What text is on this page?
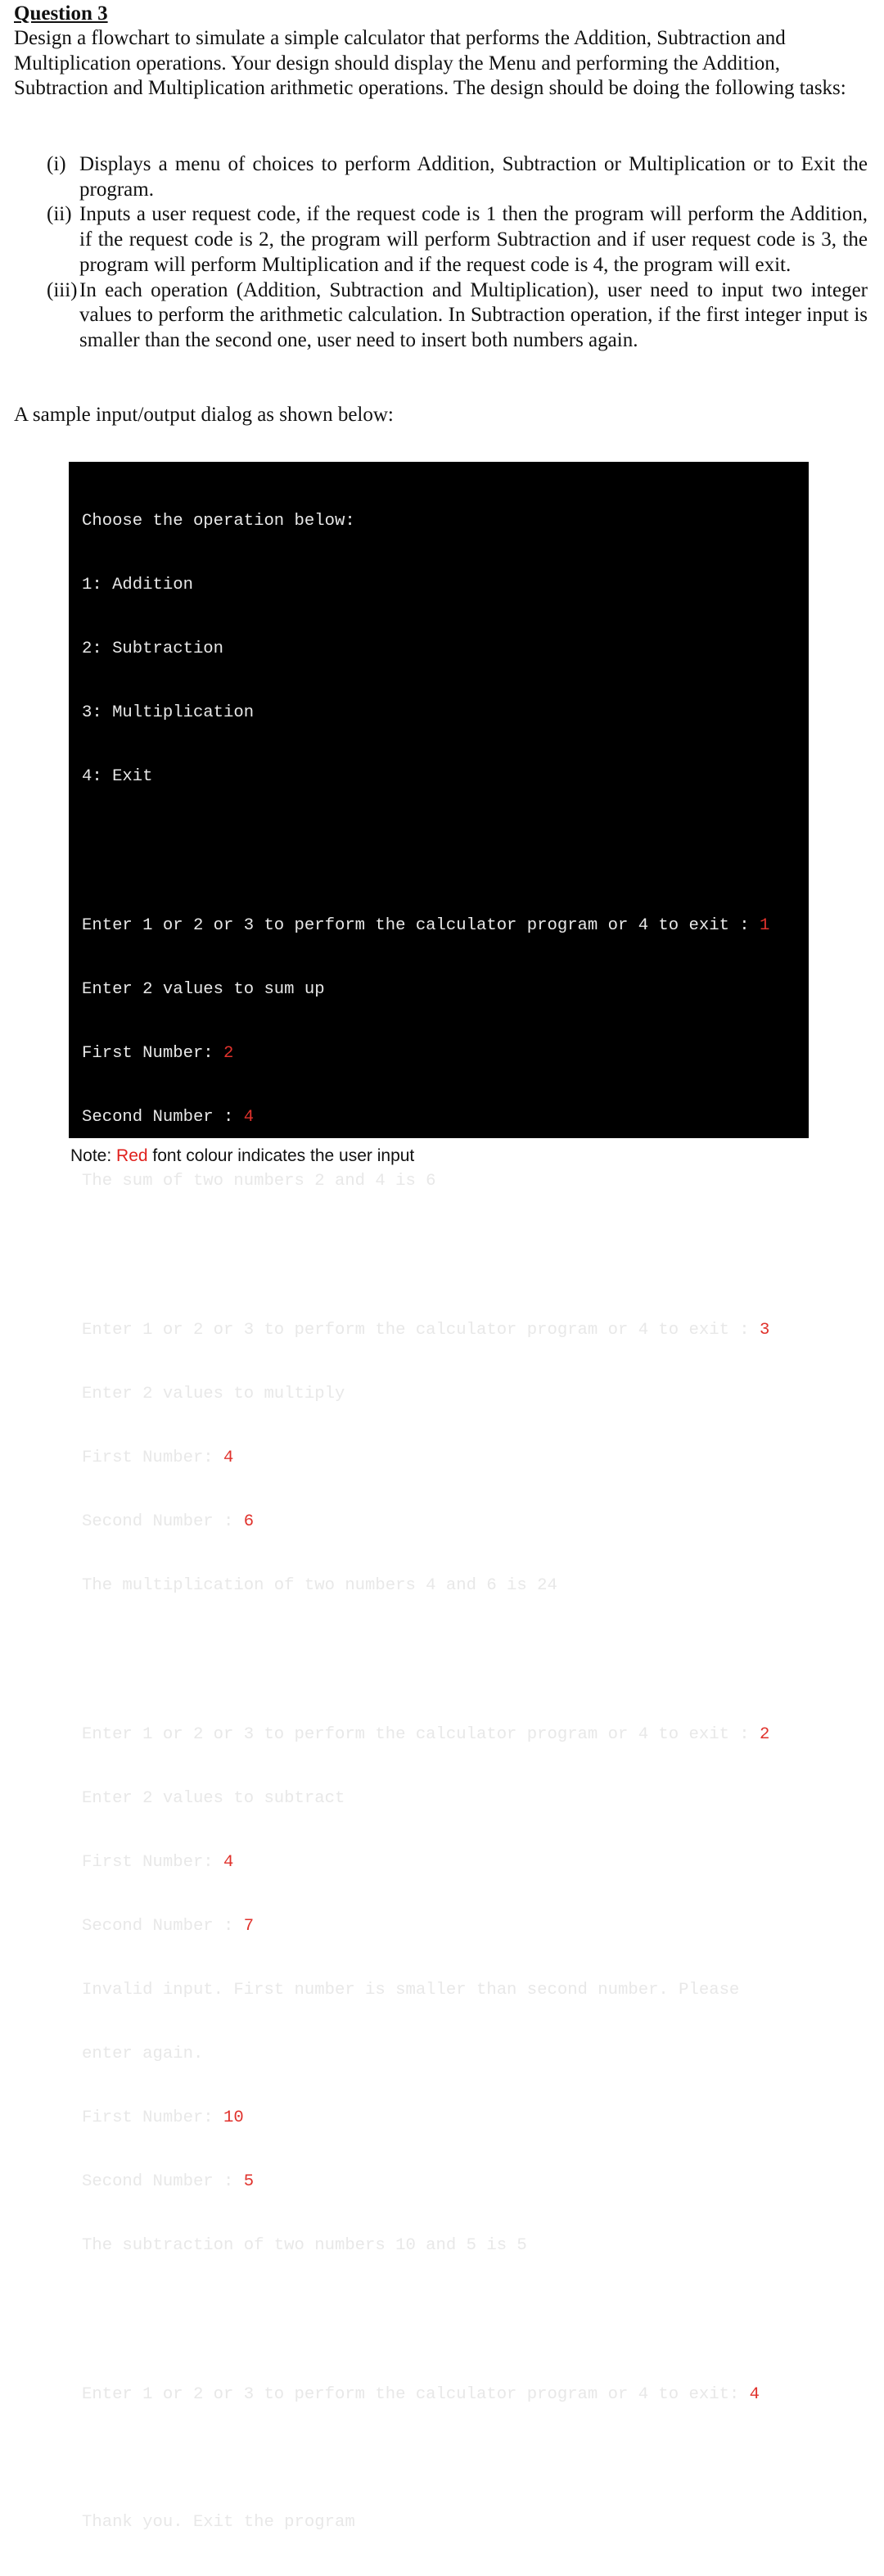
Question 3
Design a flowchart to simulate a simple calculator that performs the Addition, Subtraction and Multiplication operations. Your design should display the Menu and performing the Addition, Subtraction and Multiplication arithmetic operations. The design should be doing the following tasks:
(i) Displays a menu of choices to perform Addition, Subtraction or Multiplication or to Exit the program.
(ii) Inputs a user request code, if the request code is 1 then the program will perform the Addition, if the request code is 2, the program will perform Subtraction and if user request code is 3, the program will perform Multiplication and if the request code is 4, the program will exit.
(iii) In each operation (Addition, Subtraction and Multiplication), user need to input two integer values to perform the arithmetic calculation. In Subtraction operation, if the first integer input is smaller than the second one, user need to insert both numbers again.
A sample input/output dialog as shown below:

Choose the operation below:

1: Addition

2: Subtraction

3: Multiplication

4: Exit

Enter 1 or 2 or 3 to perform the calculator program or 4 to exit : 1

Enter 2 values to sum up

First Number: 2

Second Number : 4

The sum of two numbers 2 and 4 is 6

Enter 1 or 2 or 3 to perform the calculator program or 4 to exit : 3

Enter 2 values to multiply

First Number: 4

Second Number : 6

The multiplication of two numbers 4 and 6 is 24

Enter 1 or 2 or 3 to perform the calculator program or 4 to exit : 2

Enter 2 values to subtract

First Number: 4

Second Number : 7

Invalid input. First number is smaller than second number. Please

enter again.

First Number: 10

Second Number : 5

The subtraction of two numbers 10 and 5 is 5

Enter 1 or 2 or 3 to perform the calculator program or 4 to exit: 4

Thank you. Exit the program

Note: Red font colour indicates the user input
